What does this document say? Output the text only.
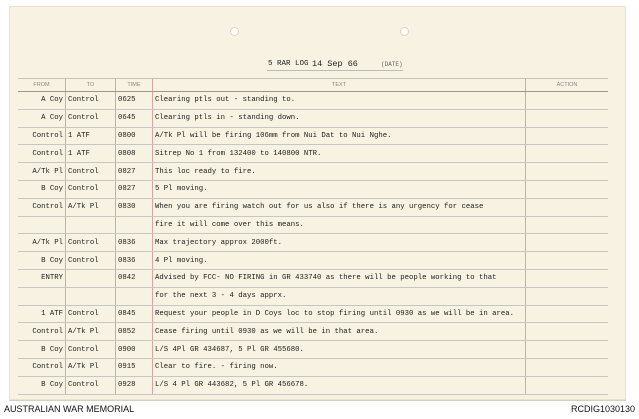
5 RAR LOG 14 Sep 66	(DATE)
FROM	TO	TIME	TEXT	ACTION
A Coy	Control	0625	Clearing ptls out - standing to.	
A Coy	Control	0645	Clearing ptls in - standing down.	
Control	1 ATF	0800	A/Tk Pl will be firing 106mm from Nui Dat to Nui Nghe.	
Control	1 ATF	0808	Sitrep No 1 from 132400 to 140800 NTR.	
A/Tk Pl	Control	0827	This loc ready to fire.	
B Coy	Control	0827	5 Pl moving.	
Control	A/Tk Pl	0830	When you are firing watch out for us also if there is any urgency for cease	
			fire it will come over this means.	
A/Tk Pl	Control	0836	Max trajectory approx 2000ft.	
B Coy	Control	0836	4 Pl moving.	
ENTRY		0842	Advised by FCC- NO FIRING in GR 433740 as there will be people working to that	
			for the next 3 - 4 days apprx.	
1 ATF	Control	0845	Request your people in D Coys loc to stop firing until 0930 as we will be in area.	
Control	A/Tk Pl	0852	Cease firing until 0930 as we will be in that area.	
B Coy	Control	0900	L/S 4Pl GR 434687, 5 Pl GR 455680.	
Control	A/Tk Pl	0915	Clear to fire. - firing now.	
B Coy	Control	0928	L/S 4 Pl GR 443682, 5 Pl GR 456678.	
AUSTRALIAN WAR MEMORIAL	RCDIG1030130
